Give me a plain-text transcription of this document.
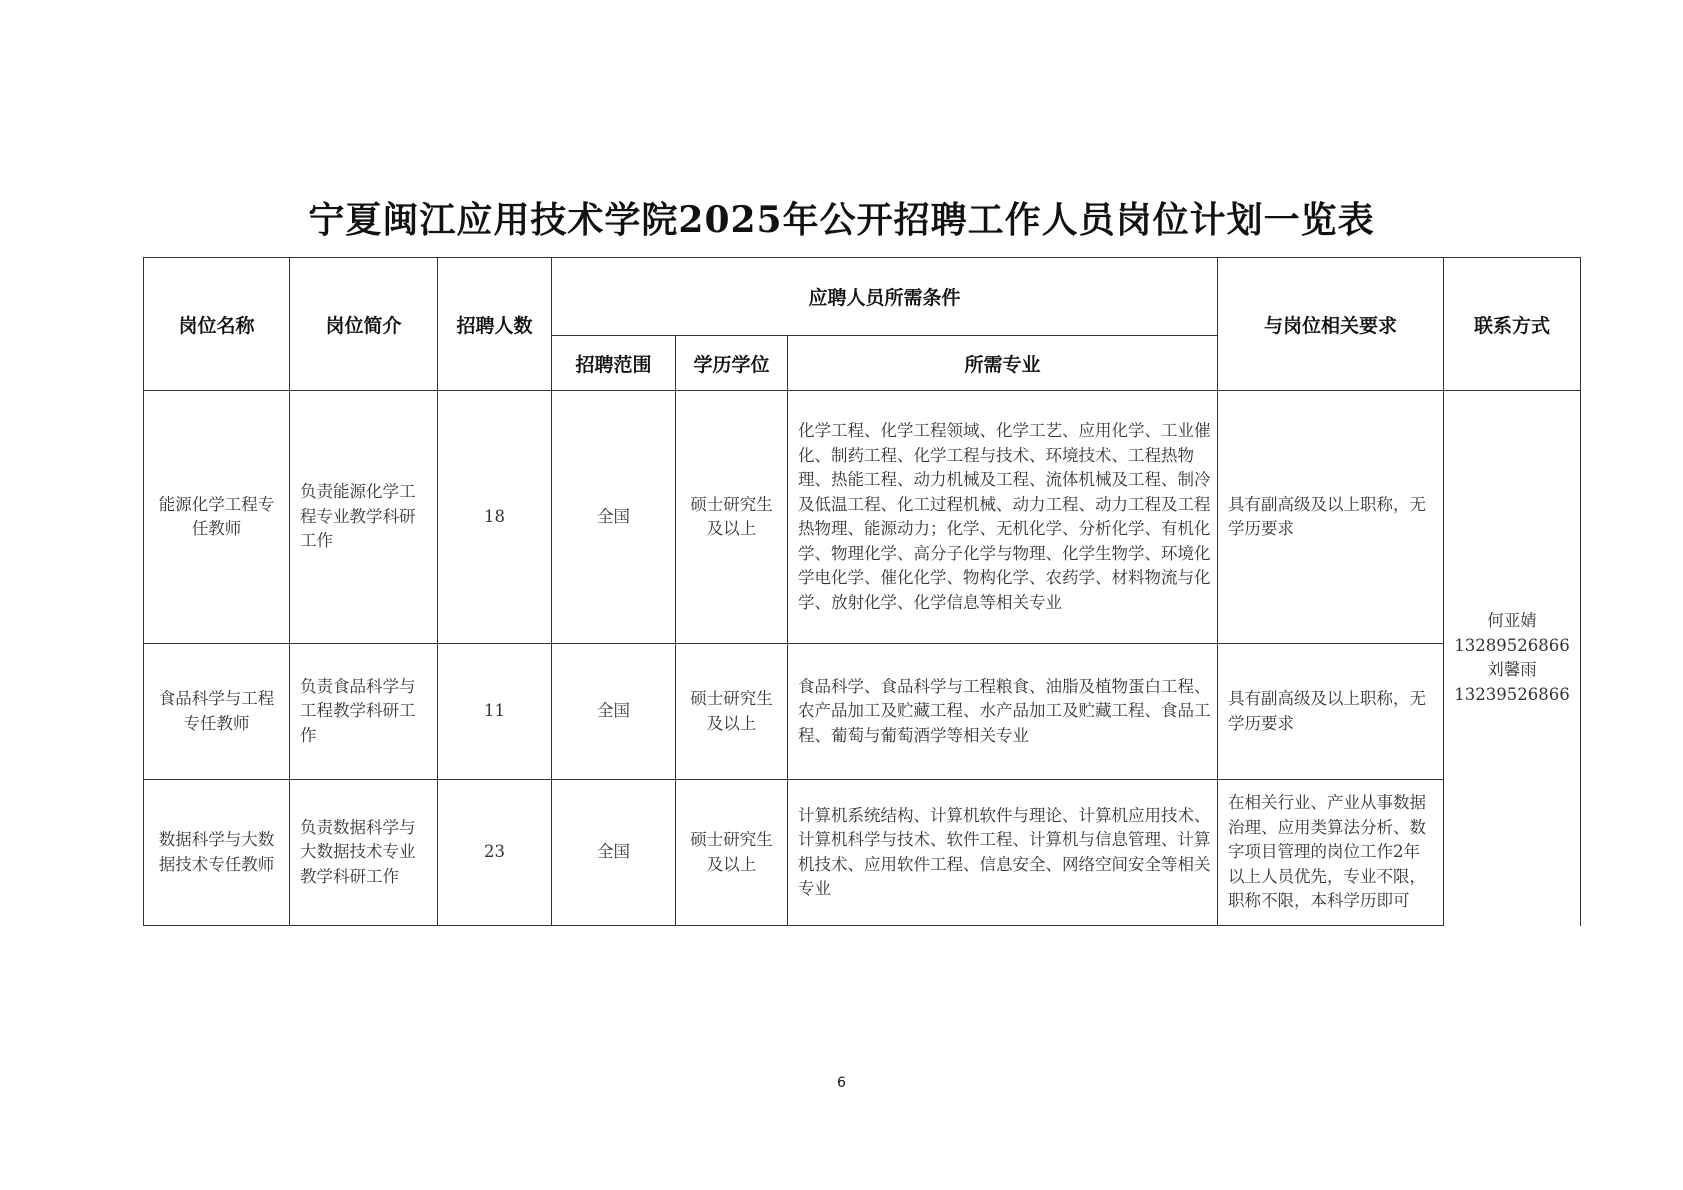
宁夏闽江应用技术学院2025年公开招聘工作人员岗位计划一览表
岗位名称	岗位简介	招聘人数	应聘人员所需条件			与岗位相关要求	联系方式
			招聘范围	学历学位	所需专业		
能源化学工程专任教师	负责能源化学工程专业教学科研工作	18	全国	硕士研究生及以上	化学工程、化学工程领域、化学工艺、应用化学、工业催化、制药工程、化学工程与技术、环境技术、工程热物理、热能工程、动力机械及工程、流体机械及工程、制冷及低温工程、化工过程机械、动力工程、动力工程及工程热物理、能源动力；化学、无机化学、分析化学、有机化学、物理化学、高分子化学与物理、化学生物学、环境化学电化学、催化化学、物构化学、农药学、材料物流与化学、放射化学、化学信息等相关专业	具有副高级及以上职称，无学历要求	何亚婧
13289526866
刘馨雨
13239526866

食品科学与工程专任教师	负责食品科学与工程教学科研工作	11	全国	硕士研究生及以上	食品科学、食品科学与工程粮食、油脂及植物蛋白工程、农产品加工及贮藏工程、水产品加工及贮藏工程、食品工程、葡萄与葡萄酒学等相关专业	具有副高级及以上职称，无学历要求	
数据科学与大数据技术专任教师	负责数据科学与大数据技术专业教学科研工作	23	全国	硕士研究生及以上	计算机系统结构、计算机软件与理论、计算机应用技术、计算机科学与技术、软件工程、计算机与信息管理、计算机技术、应用软件工程、信息安全、网络空间安全等相关专业	在相关行业、产业从事数据治理、应用类算法分析、数字项目管理的岗位工作2年以上人员优先，专业不限，职称不限，本科学历即可	
6
